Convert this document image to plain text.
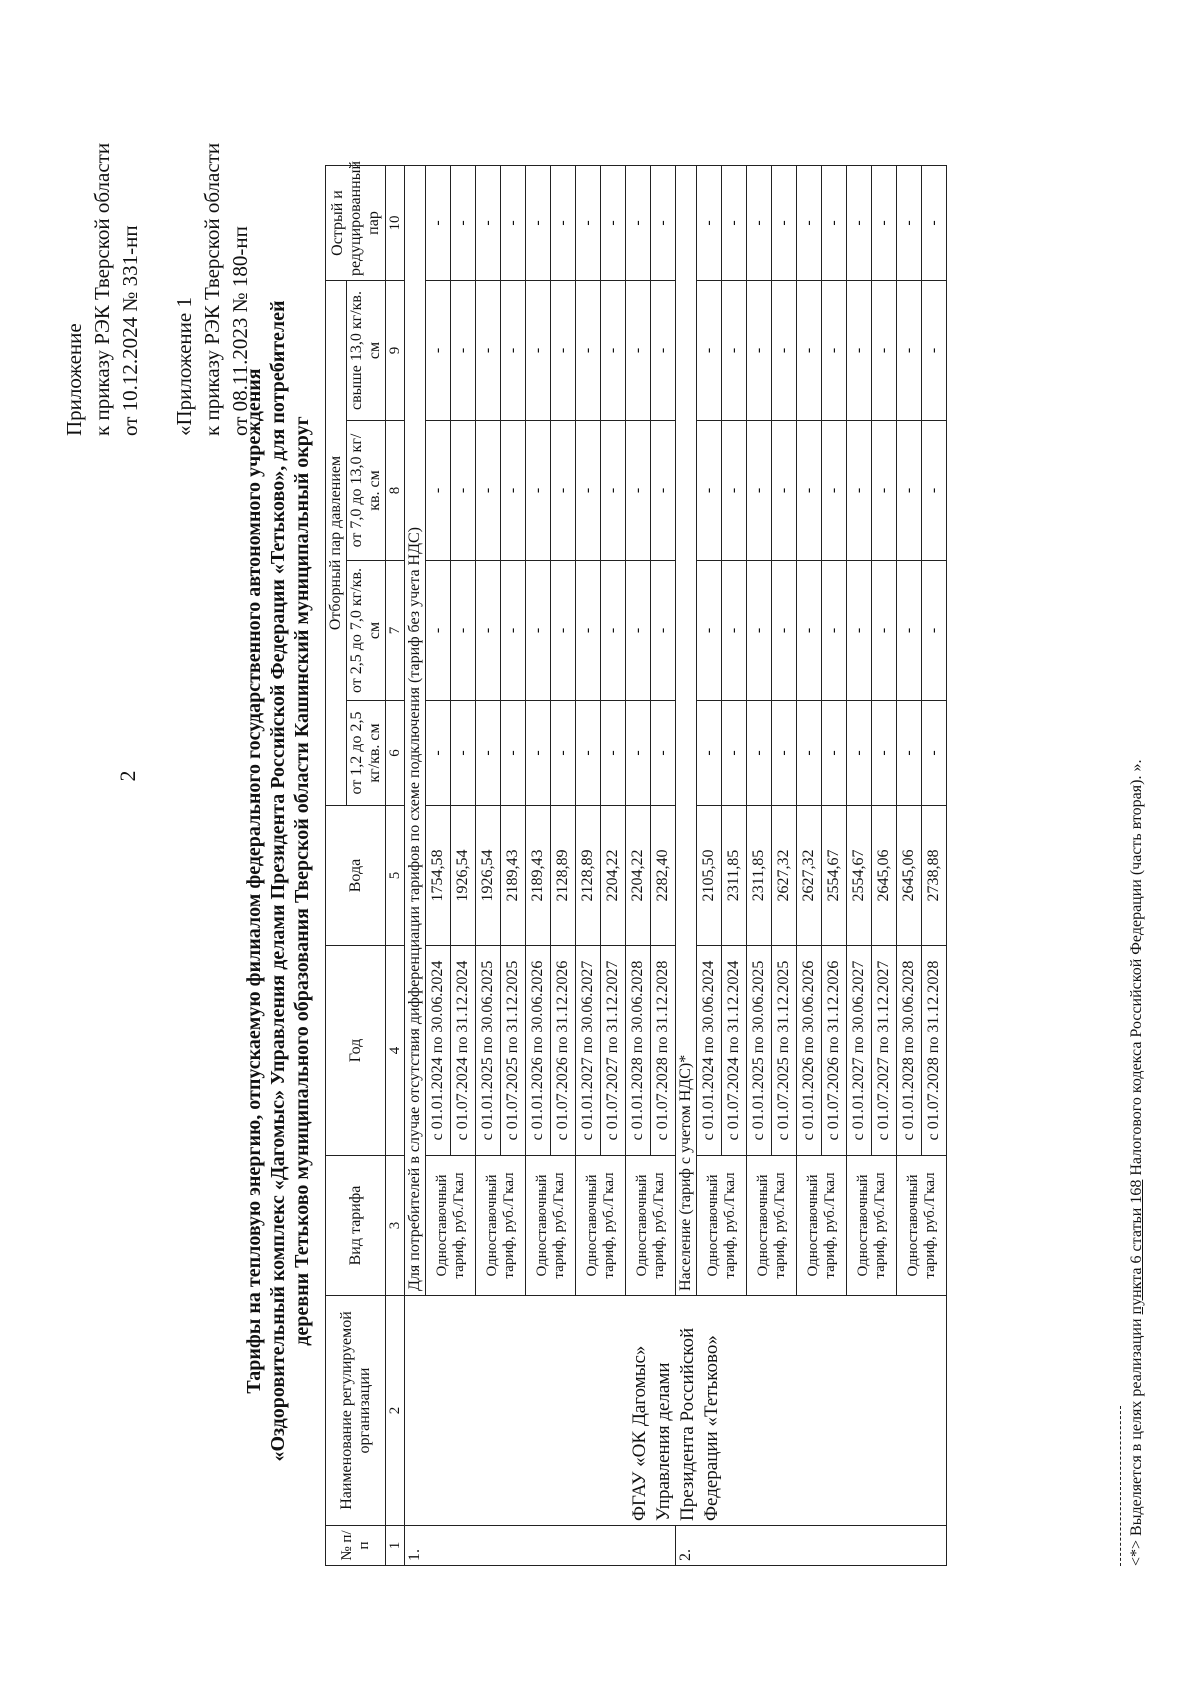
2
Приложение к приказу РЭК Тверской области от 10.12.2024 № 331-нп «Приложение 1 к приказу РЭК Тверской области от 08.11.2023 № 180-нп
Тарифы на тепловую энергию, отпускаемую филиалом федерального государственного автономного учреждения «Оздоровительный комплекс «Дагомыс» Управления делами Президента Российской Федерации «Тетьково», для потребителей деревни Тетьково муниципального образования Тверской области Кашинский муниципальный округ
№ п/п	Наименование регулируемой организации	Вид тарифа	Год	Вода	Отборный пар давлением				Острый и редуцированный пар
					от 1,2 до 2,5 кг/кв. см	от 2,5 до 7,0 кг/кв. см	от 7,0 до 13,0 кг/кв. см	свыше 13,0 кг/кв. см	
1	2	3	4	5	6	7	8	9	10
1.	ФГАУ «ОК Дагомыс» Управления делами Президента Российской Федерации «Тетьково»	Для потребителей в случае отсутствия дифференциации тарифов по схеме подключения (тариф без учета НДС)							
		Одноставочный тариф, руб./Гкал	с 01.01.2024 по 30.06.2024	1754,58	-	-	-	-	-
			с 01.07.2024 по 31.12.2024	1926,54	-	-	-	-	-
		Одноставочный тариф, руб./Гкал	с 01.01.2025 по 30.06.2025	1926,54	-	-	-	-	-
			с 01.07.2025 по 31.12.2025	2189,43	-	-	-	-	-
		Одноставочный тариф, руб./Гкал	с 01.01.2026 по 30.06.2026	2189,43	-	-	-	-	-
			с 01.07.2026 по 31.12.2026	2128,89	-	-	-	-	-
		Одноставочный тариф, руб./Гкал	с 01.01.2027 по 30.06.2027	2128,89	-	-	-	-	-
			с 01.07.2027 по 31.12.2027	2204,22	-	-	-	-	-
		Одноставочный тариф, руб./Гкал	с 01.01.2028 по 30.06.2028	2204,22	-	-	-	-	-
			с 01.07.2028 по 31.12.2028	2282,40	-	-	-	-	-
2.		Население (тариф с учетом НДС)*							
		Одноставочный тариф, руб./Гкал	с 01.01.2024 по 30.06.2024	2105,50	-	-	-	-	-
			с 01.07.2024 по 31.12.2024	2311,85	-	-	-	-	-
		Одноставочный тариф, руб./Гкал	с 01.01.2025 по 30.06.2025	2311,85	-	-	-	-	-
			с 01.07.2025 по 31.12.2025	2627,32	-	-	-	-	-
		Одноставочный тариф, руб./Гкал	с 01.01.2026 по 30.06.2026	2627,32	-	-	-	-	-
			с 01.07.2026 по 31.12.2026	2554,67	-	-	-	-	-
		Одноставочный тариф, руб./Гкал	с 01.01.2027 по 30.06.2027	2554,67	-	-	-	-	-
			с 01.07.2027 по 31.12.2027	2645,06	-	-	-	-	-
		Одноставочный тариф, руб./Гкал	с 01.01.2028 по 30.06.2028	2645,06	-	-	-	-	-
			с 01.07.2028 по 31.12.2028	2738,88	-	-	-	-	-
<*> Выделяется в целях реализации пункта 6 статьи 168 Налогового кодекса Российской Федерации (часть вторая). ».
